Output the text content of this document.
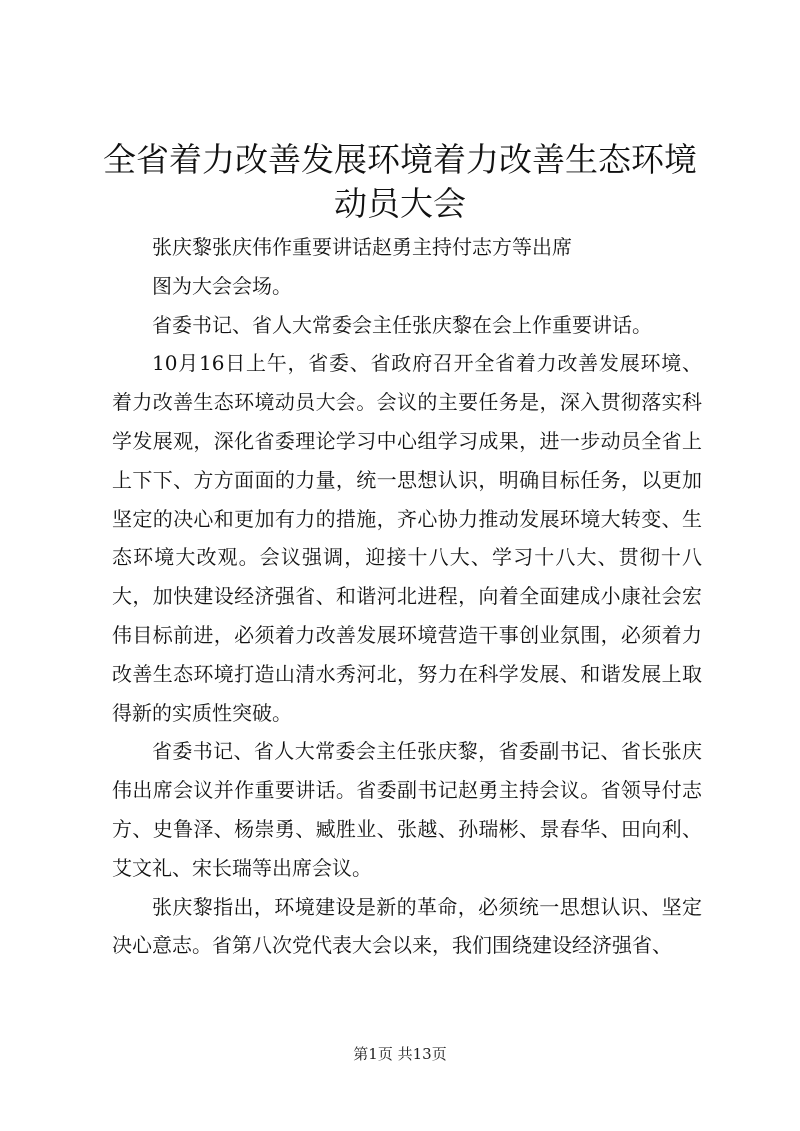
全省着力改善发展环境着力改善生态环境动员大会

张庆黎张庆伟作重要讲话赵勇主持付志方等出席

图为大会会场。

省委书记、省人大常委会主任张庆黎在会上作重要讲话。

10月16日上午，省委、省政府召开全省着力改善发展环境、着力改善生态环境动员大会。会议的主要任务是，深入贯彻落实科学发展观，深化省委理论学习中心组学习成果，进一步动员全省上上下下、方方面面的力量，统一思想认识，明确目标任务，以更加坚定的决心和更加有力的措施，齐心协力推动发展环境大转变、生态环境大改观。会议强调，迎接十八大、学习十八大、贯彻十八大，加快建设经济强省、和谐河北进程，向着全面建成小康社会宏伟目标前进，必须着力改善发展环境营造干事创业氛围，必须着力改善生态环境打造山清水秀河北，努力在科学发展、和谐发展上取得新的实质性突破。

省委书记、省人大常委会主任张庆黎，省委副书记、省长张庆伟出席会议并作重要讲话。省委副书记赵勇主持会议。省领导付志方、史鲁泽、杨崇勇、臧胜业、张越、孙瑞彬、景春华、田向利、艾文礼、宋长瑞等出席会议。

张庆黎指出，环境建设是新的革命，必须统一思想认识、坚定决心意志。省第八次党代表大会以来，我们围绕建设经济强省、

第1页 共13页
